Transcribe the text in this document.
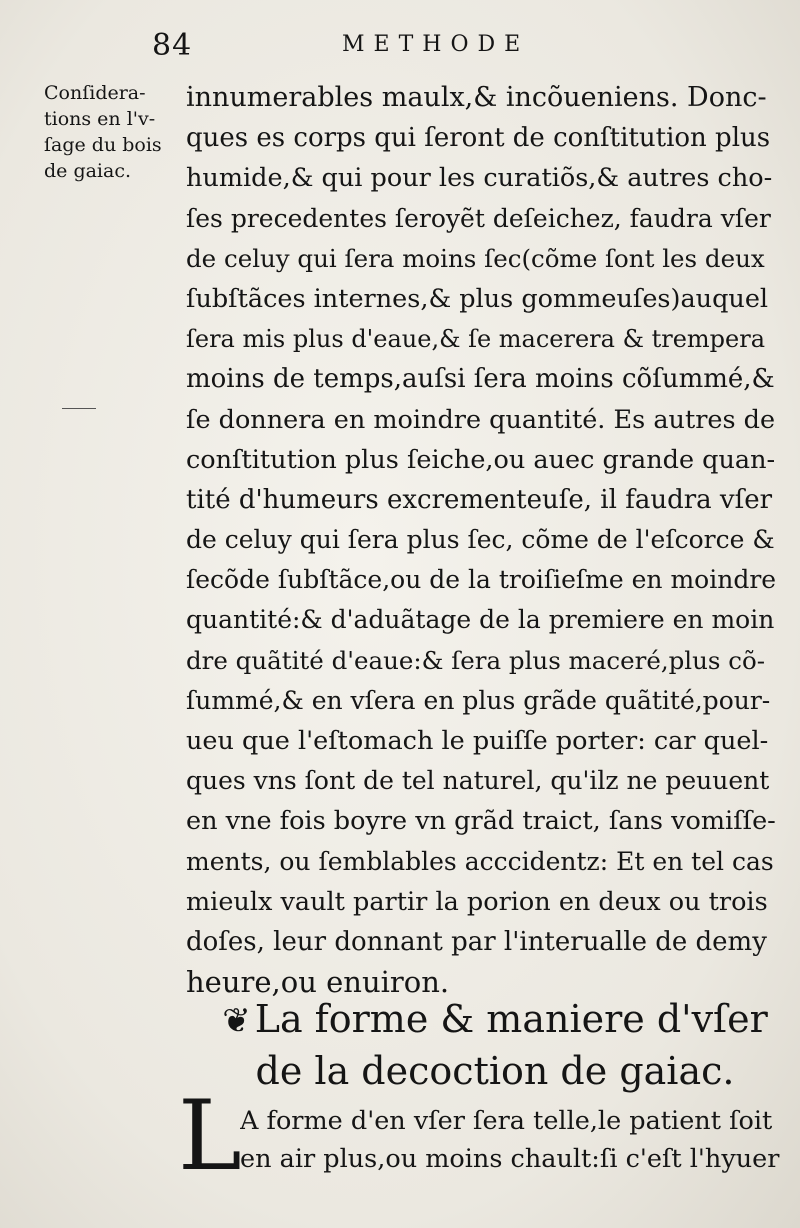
84	METHODE
Conſidera-
tions en l'v-
ſage du bois
de gaiac.
innumerables maulx,& incõueniens. Donc-
ques es corps qui ſeront de conſtitution plus
humide,& qui pour les curatiõs,& autres cho-
ſes precedentes ſeroyẽt deſeichez, faudra vſer
de celuy qui ſera moins ſec(cõme ſont les deux
ſubſtãces internes,& plus gommeuſes)auquel
ſera mis plus d'eaue,& ſe macerera & trempera
moins de temps,auſsi ſera moins cõſummé,&
ſe donnera en moindre quantité. Es autres de
conſtitution plus ſeiche,ou auec grande quan-
tité d'humeurs excrementeuſe, il faudra vſer
de celuy qui ſera plus ſec, cõme de l'eſcorce &
ſecõde ſubſtãce,ou de la troiſieſme en moindre
quantité:& d'aduãtage de la premiere en moin
dre quãtité d'eaue:& ſera plus maceré,plus cõ-
ſummé,& en vſera en plus grãde quãtité,pour-
ueu que l'eſtomach le puiſſe porter: car quel-
ques vns ſont de tel naturel, qu'ilz ne peuuent
en vne fois boyre vn grãd traict, ſans vomiſſe-
ments, ou ſemblables acccidentz: Et en tel cas
mieulx vault partir la porion en deux ou trois
doſes, leur donnant par l'interualle de demy
heure,ou enuiron.
❦ La forme & maniere d'vſer
de la decoction de gaiac.
L
A forme d'en vſer ſera telle,le patient ſoit
en air plus,ou moins chault:ſi c'eſt l'hyuer
